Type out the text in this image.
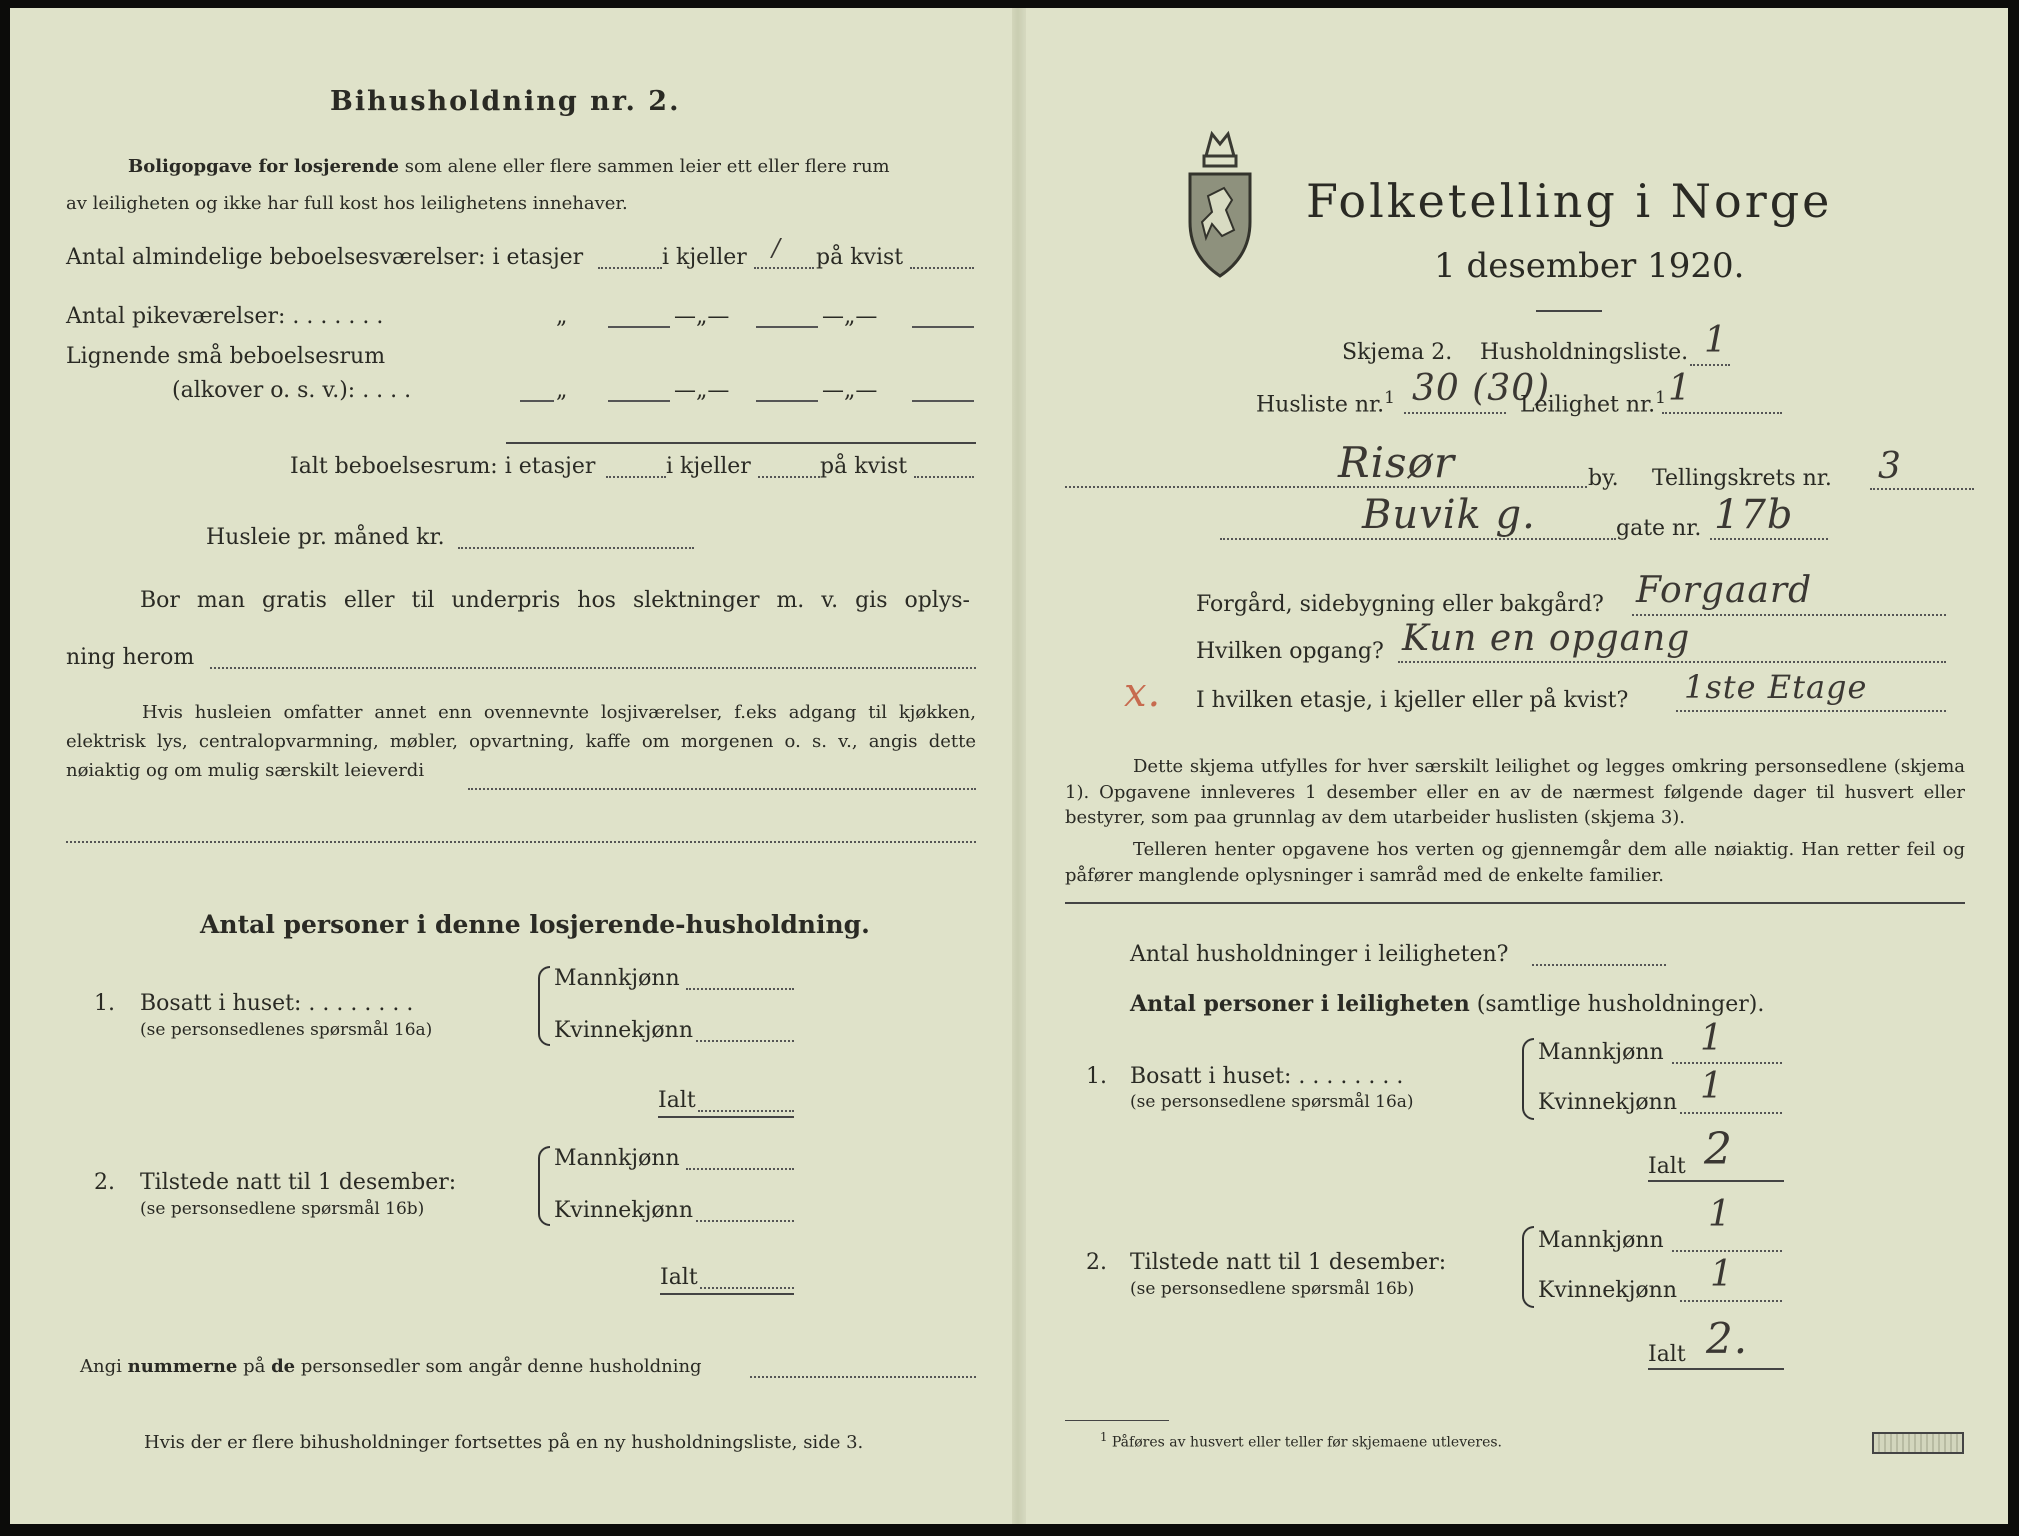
Bihusholdning nr. 2.
Boligopgave for losjerende som alene eller flere sammen leier ett eller flere rum
av leiligheten og ikke har full kost hos leilighetens innehaver.
Antal almindelige beboelsesværelser: i etasjer	i kjeller / på kvist
Antal pikeværelser: . . . . . . .	„	—„—	—„—
Lignende små beboelsesrum
(alkover o. s. v.): . . . .	„	—„—	—„—
Ialt beboelsesrum: i etasjer	i kjeller	på kvist
Husleie pr. måned kr.
Bor man gratis eller til underpris hos slektninger m. v. gis oplys-
ning herom
Hvis husleien omfatter annet enn ovennevnte losjiværelser, f.eks adgang til kjøkken, elektrisk lys, centralopvarmning, møbler, opvartning, kaffe om morgenen o. s. v., angis dette nøiaktig og om mulig særskilt leieverdi
Antal personer i denne losjerende-husholdning.
1. Bosatt i huset: . . . . . . . .
(se personsedlenes spørsmål 16a)
Mannkjønn
Kvinnekjønn
Ialt
2. Tilstede natt til 1 desember:
(se personsedlene spørsmål 16b)
Mannkjønn
Kvinnekjønn
Ialt
Angi nummerne på de personsedler som angår denne husholdning
Hvis der er flere bihusholdninger fortsettes på en ny husholdningsliste, side 3.
Folketelling i Norge
1 desember 1920.
Skjema 2. Husholdningsliste. 1
Husliste nr.$^1$ 30 (30)
Leilighet nr.$^1$ 1
Risør	by. Tellingskrets nr. 3
Buvik g.	gate nr. 17b
Forgård, sidebygning eller bakgård? Forgaard
Hvilken opgang? Kun en opgang
x. I hvilken etasje, i kjeller eller på kvist? 1ste Etage
Dette skjema utfylles for hver særskilt leilighet og legges omkring personsedlene (skjema 1). Opgavene innleveres 1 desember eller en av de nærmest følgende dager til husvert eller bestyrer, som paa grunnlag av dem utarbeider huslisten (skjema 3).
Telleren henter opgavene hos verten og gjennemgår dem alle nøiaktig. Han retter feil og påfører manglende oplysninger i samråd med de enkelte familier.
Antal husholdninger i leiligheten?
Antal personer i leiligheten (samtlige husholdninger).
1. Bosatt i huset: . . . . . . . .
(se personsedlene spørsmål 16a)
Mannkjønn 1
Kvinnekjønn 1
Ialt 2
2. Tilstede natt til 1 desember:
(se personsedlene spørsmål 16b)
Mannkjønn
1
Kvinnekjønn 1
Ialt 2.
$^1$ Påføres av husvert eller teller før skjemaene utleveres.
